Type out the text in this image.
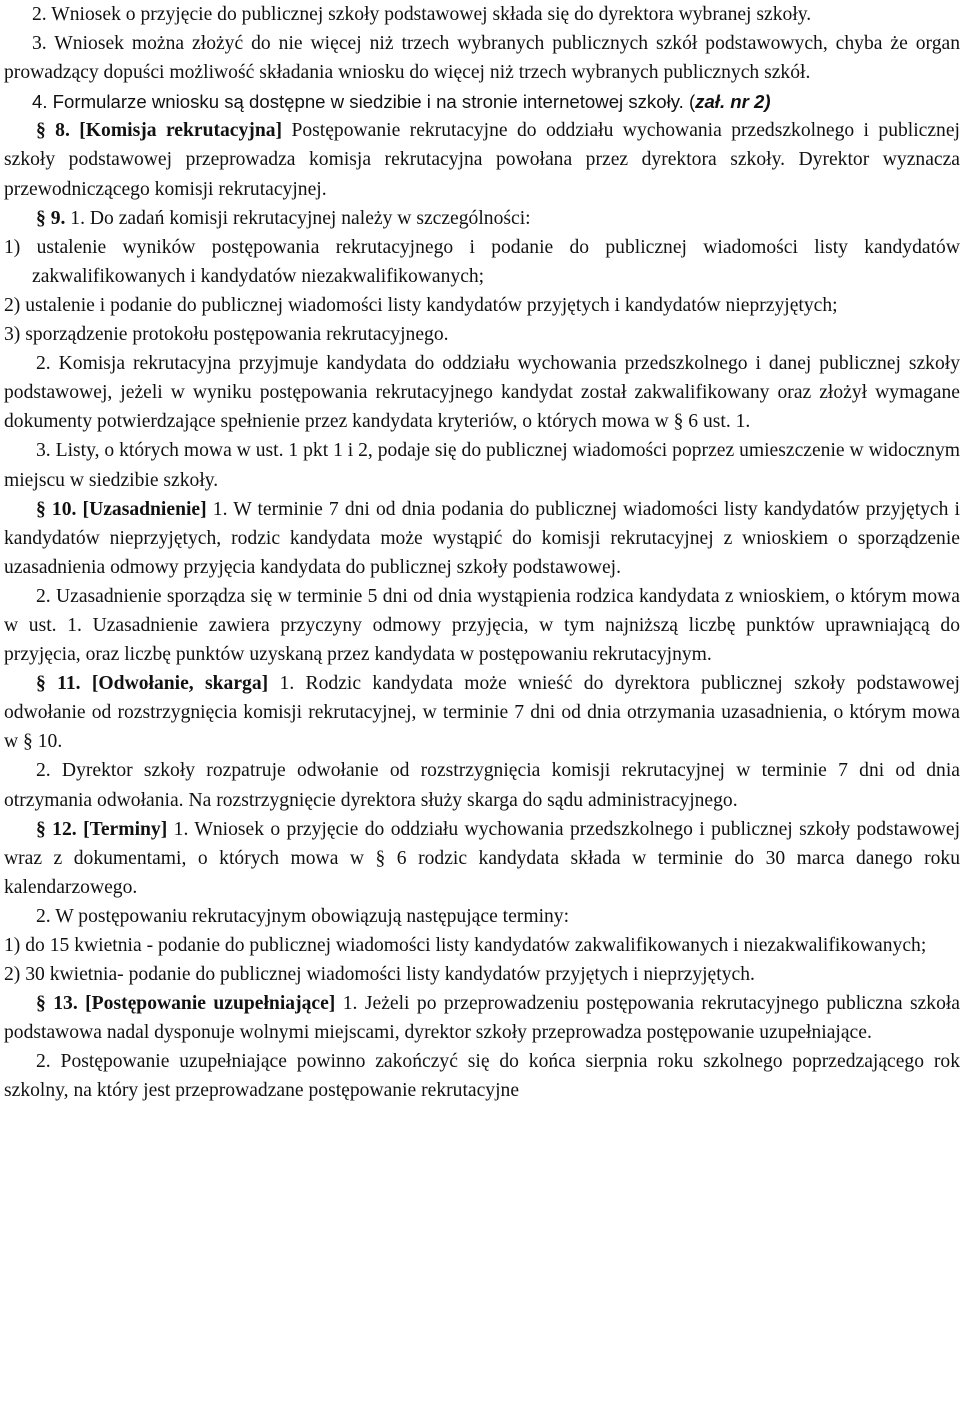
2. Wniosek o przyjęcie do publicznej szkoły podstawowej składa się do dyrektora wybranej szkoły.

3. Wniosek można złożyć do nie więcej niż trzech wybranych publicznych szkół podstawowych, chyba że organ prowadzący dopuści możliwość składania wniosku do więcej niż trzech wybranych publicznych szkół.

4. Formularze wniosku są dostępne w siedzibie i na stronie internetowej szkoły. (zał. nr 2)

§ 8. [Komisja rekrutacyjna] Postępowanie rekrutacyjne do oddziału wychowania przedszkolnego i publicznej szkoły podstawowej przeprowadza komisja rekrutacyjna powołana przez dyrektora szkoły. Dyrektor wyznacza przewodniczącego komisji rekrutacyjnej.

§ 9. 1. Do zadań komisji rekrutacyjnej należy w szczególności:

1) ustalenie wyników postępowania rekrutacyjnego i podanie do publicznej wiadomości listy kandydatów zakwalifikowanych i kandydatów niezakwalifikowanych;

2) ustalenie i podanie do publicznej wiadomości listy kandydatów przyjętych i kandydatów nieprzyjętych;

3) sporządzenie protokołu postępowania rekrutacyjnego.

2. Komisja rekrutacyjna przyjmuje kandydata do oddziału wychowania przedszkolnego i danej publicznej szkoły podstawowej, jeżeli w wyniku postępowania rekrutacyjnego kandydat został zakwalifikowany oraz złożył wymagane dokumenty potwierdzające spełnienie przez kandydata kryteriów, o których mowa w § 6 ust. 1.

3. Listy, o których mowa w ust. 1 pkt 1 i 2, podaje się do publicznej wiadomości poprzez umieszczenie w widocznym miejscu w siedzibie szkoły.

§ 10. [Uzasadnienie] 1. W terminie 7 dni od dnia podania do publicznej wiadomości listy kandydatów przyjętych i kandydatów nieprzyjętych, rodzic kandydata może wystąpić do komisji rekrutacyjnej z wnioskiem o sporządzenie uzasadnienia odmowy przyjęcia kandydata do publicznej szkoły podstawowej.

2. Uzasadnienie sporządza się w terminie 5 dni od dnia wystąpienia rodzica kandydata z wnioskiem, o którym mowa w ust. 1. Uzasadnienie zawiera przyczyny odmowy przyjęcia, w tym najniższą liczbę punktów uprawniającą do przyjęcia, oraz liczbę punktów uzyskaną przez kandydata w postępowaniu rekrutacyjnym.

§ 11. [Odwołanie, skarga] 1. Rodzic kandydata może wnieść do dyrektora publicznej szkoły podstawowej odwołanie od rozstrzygnięcia komisji rekrutacyjnej, w terminie 7 dni od dnia otrzymania uzasadnienia, o którym mowa w § 10.

2. Dyrektor szkoły rozpatruje odwołanie od rozstrzygnięcia komisji rekrutacyjnej w terminie 7 dni od dnia otrzymania odwołania. Na rozstrzygnięcie dyrektora służy skarga do sądu administracyjnego.

§ 12. [Terminy] 1. Wniosek o przyjęcie do oddziału wychowania przedszkolnego i publicznej szkoły podstawowej wraz z dokumentami, o których mowa w § 6 rodzic kandydata składa w terminie do 30 marca danego roku kalendarzowego.

2. W postępowaniu rekrutacyjnym obowiązują następujące terminy:

1) do 15 kwietnia - podanie do publicznej wiadomości listy kandydatów zakwalifikowanych i niezakwalifikowanych;

2) 30 kwietnia- podanie do publicznej wiadomości listy kandydatów przyjętych i nieprzyjętych.

§ 13. [Postępowanie uzupełniające] 1. Jeżeli po przeprowadzeniu postępowania rekrutacyjnego publiczna szkoła podstawowa nadal dysponuje wolnymi miejscami, dyrektor szkoły przeprowadza postępowanie uzupełniające.

2. Postępowanie uzupełniające powinno zakończyć się do końca sierpnia roku szkolnego poprzedzającego rok szkolny, na który jest przeprowadzane postępowanie rekrutacyjne
